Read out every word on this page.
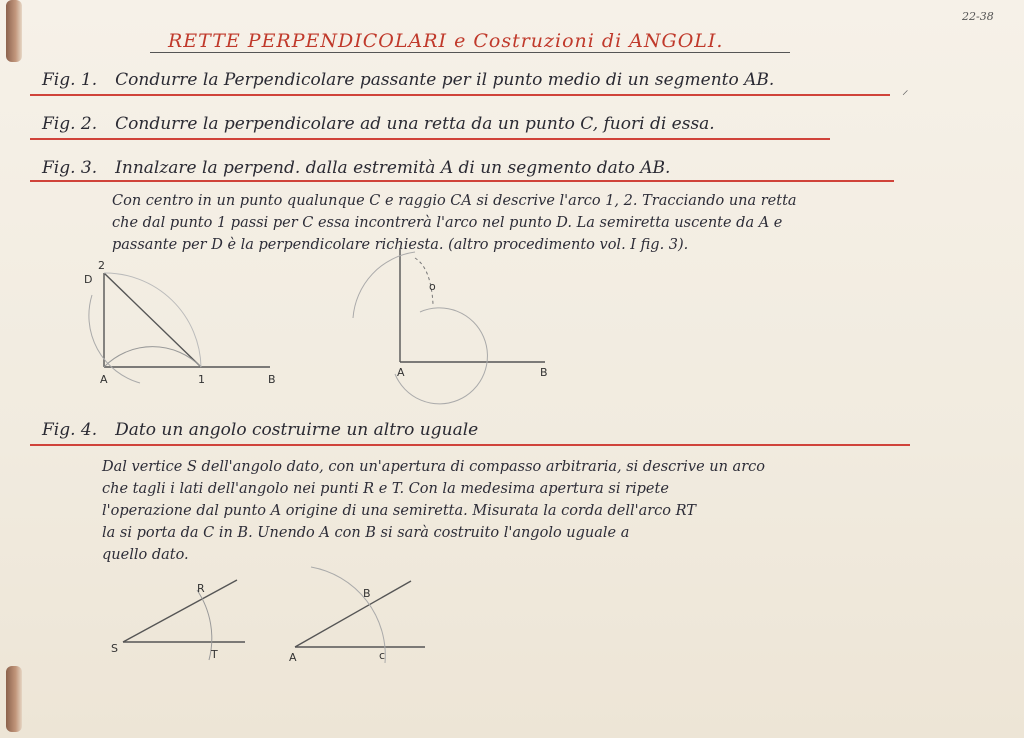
22-38
RETTE PERPENDICOLARI e Costruzioni di ANGOLI.
Fig. 1. Condurre la Perpendicolare passante per il punto medio di un segmento AB.
⸝
Fig. 2. Condurre la perpendicolare ad una retta da un punto C, fuori di essa.
Fig. 3. Innalzare la perpend. dalla estremità A di un segmento dato AB.
Con centro in un punto qualunque C e raggio CA si descrive l'arco 1, 2. Tracciando una retta
che dal punto 1 passi per C essa incontrerà l'arco nel punto D. La semiretta uscente da A e
passante per D è la perpendicolare richiesta. (altro procedimento vol. I fig. 3).
D
2
A	1	B
A	B
o
Fig. 4. Dato un angolo costruirne un altro uguale
Dal vertice S dell'angolo dato, con un'apertura di compasso arbitraria, si descrive un arco
che tagli i lati dell'angolo nei punti R e T. Con la medesima apertura si ripete
l'operazione dal punto A origine di una semiretta. Misurata la corda dell'arco RT
la si porta da C in B. Unendo A con B si sarà costruito l'angolo uguale a
quello dato.
S
R
T	A
B
c
